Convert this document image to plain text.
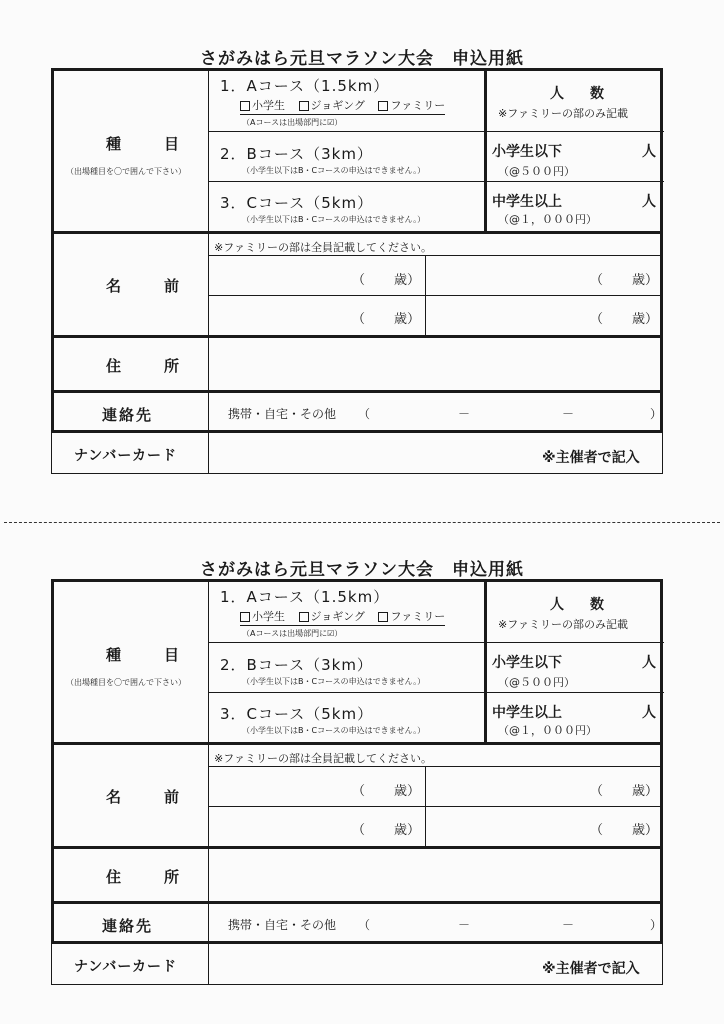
さがみはら元旦マラソン大会　申込用紙
種　目
（出場種目を〇で囲んで下さい）
1．Aコース（1.5km）
小学生 ジョギング ファミリー
（Aコースは出場部門に☑）
2．Bコース（3km）
（小学生以下はB・Cコースの申込はできません。）
3．Cコース（5km）
（小学生以下はB・Cコースの申込はできません。）
人　数
※ファミリーの部のみ記載
小学生以下	人
（@５００円）
中学生以上	人
（@１，０００円）
名　前
※ファミリーの部は全員記載してください。
（ 歳）	（ 歳）
（ 歳）	（ 歳）
住　所
連絡先	携帯・自宅・その他 （	－	－	）
ナンバーカード	※主催者で記入
さがみはら元旦マラソン大会　申込用紙
種　目
（出場種目を〇で囲んで下さい）
1．Aコース（1.5km）
小学生 ジョギング ファミリー
（Aコースは出場部門に☑）
2．Bコース（3km）
（小学生以下はB・Cコースの申込はできません。）
3．Cコース（5km）
（小学生以下はB・Cコースの申込はできません。）
人　数
※ファミリーの部のみ記載
小学生以下	人
（@５００円）
中学生以上	人
（@１，０００円）
名　前
※ファミリーの部は全員記載してください。
（ 歳）	（ 歳）
（ 歳）	（ 歳）
住　所
連絡先	携帯・自宅・その他 （	－	－	）
ナンバーカード	※主催者で記入
